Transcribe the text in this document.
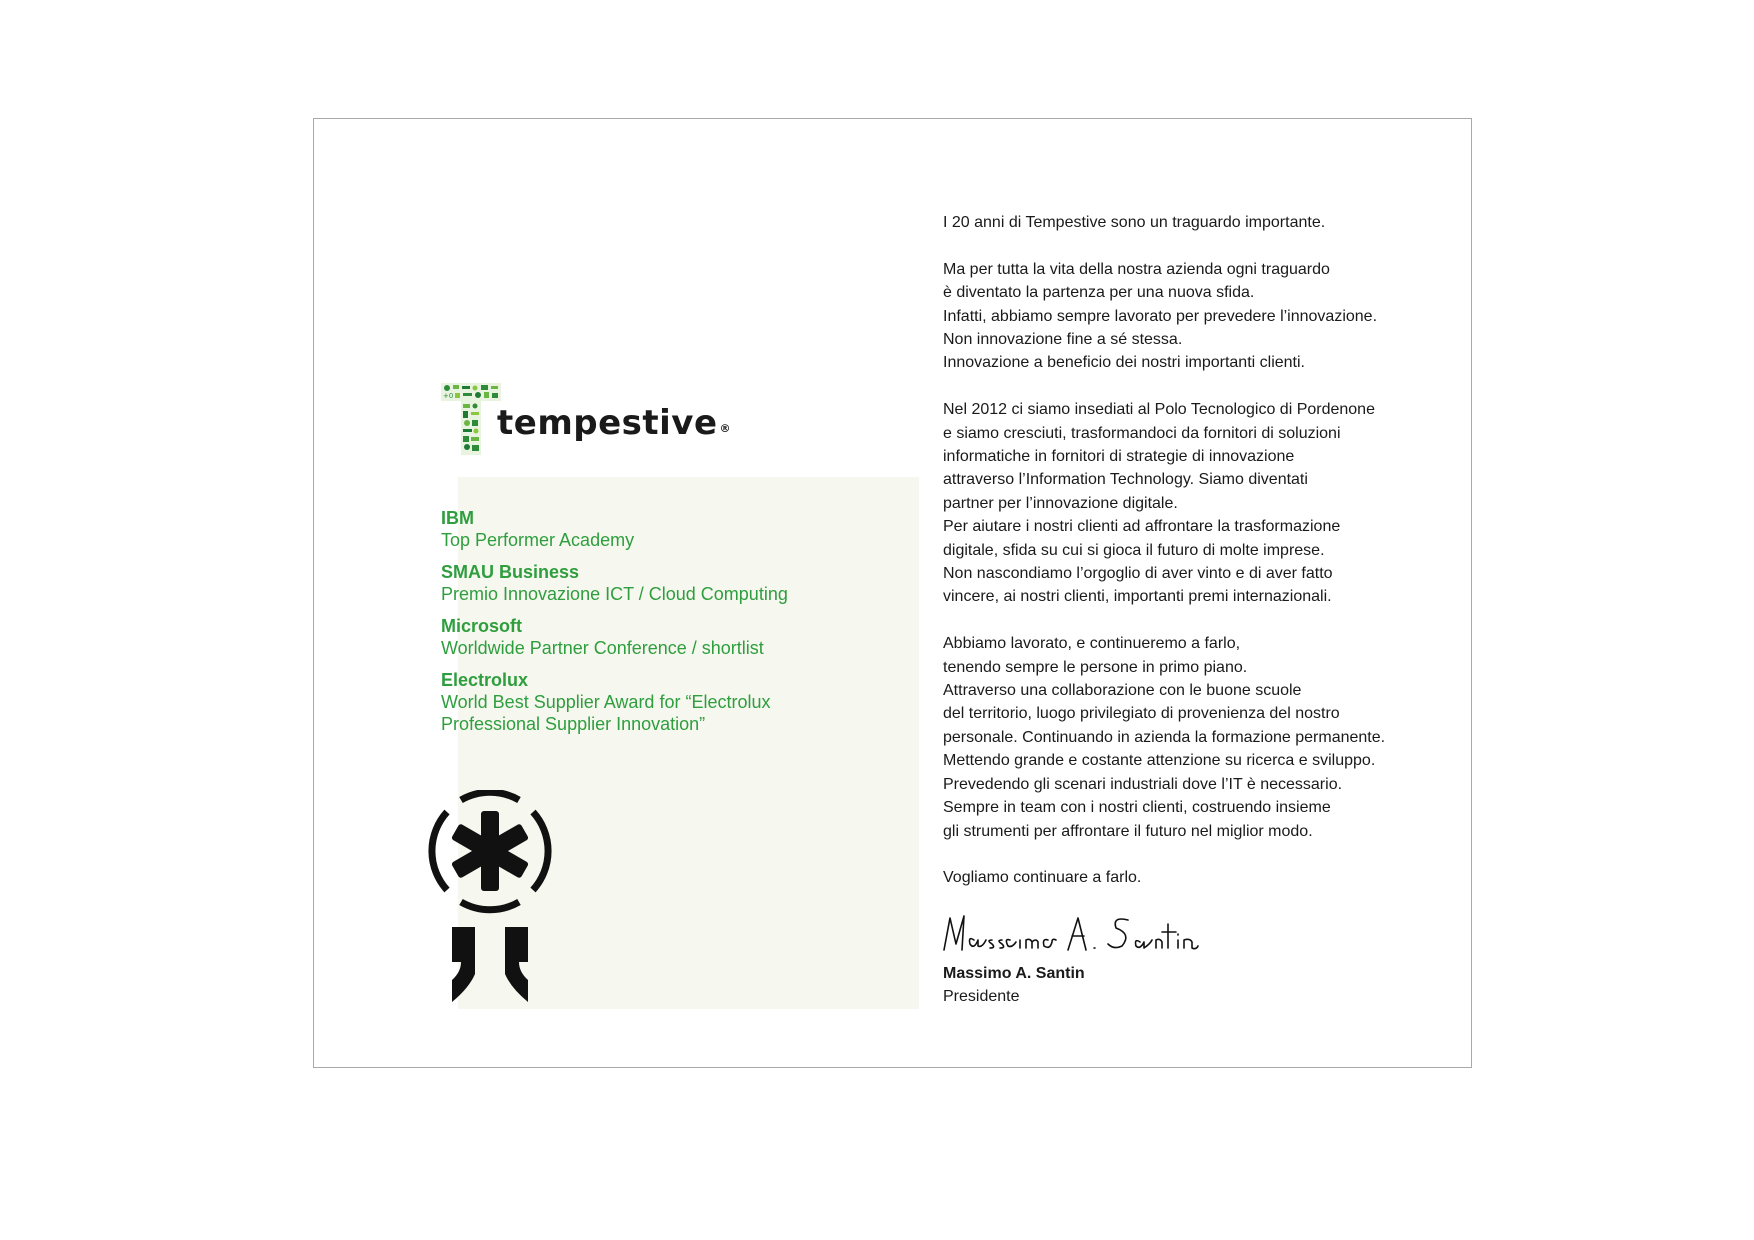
+0
tempestive ®
IBM
Top Performer Academy
SMAU Business
Premio Innovazione ICT / Cloud Computing
Microsoft
Worldwide Partner Conference / shortlist
Electrolux
World Best Supplier Award for “Electrolux
Professional Supplier Innovation”

I 20 anni di Tempestive sono un traguardo importante.

Ma per tutta la vita della nostra azienda ogni traguardo
è diventato la partenza per una nuova sfida.
Infatti, abbiamo sempre lavorato per prevedere l’innovazione.
Non innovazione fine a sé stessa.
Innovazione a beneficio dei nostri importanti clienti.

Nel 2012 ci siamo insediati al Polo Tecnologico di Pordenone
e siamo cresciuti, trasformandoci da fornitori di soluzioni
informatiche in fornitori di strategie di innovazione
attraverso l’Information Technology. Siamo diventati
partner per l’innovazione digitale.
Per aiutare i nostri clienti ad affrontare la trasformazione
digitale, sfida su cui si gioca il futuro di molte imprese.
Non nascondiamo l’orgoglio di aver vinto e di aver fatto
vincere, ai nostri clienti, importanti premi internazionali.

Abbiamo lavorato, e continueremo a farlo,
tenendo sempre le persone in primo piano.
Attraverso una collaborazione con le buone scuole
del territorio, luogo privilegiato di provenienza del nostro
personale. Continuando in azienda la formazione permanente.
Mettendo grande e costante attenzione su ricerca e sviluppo.
Prevedendo gli scenari industriali dove l’IT è necessario.
Sempre in team con i nostri clienti, costruendo insieme
gli strumenti per affrontare il futuro nel miglior modo.

Vogliamo continuare a farlo.

Massimo A. Santin
Presidente
